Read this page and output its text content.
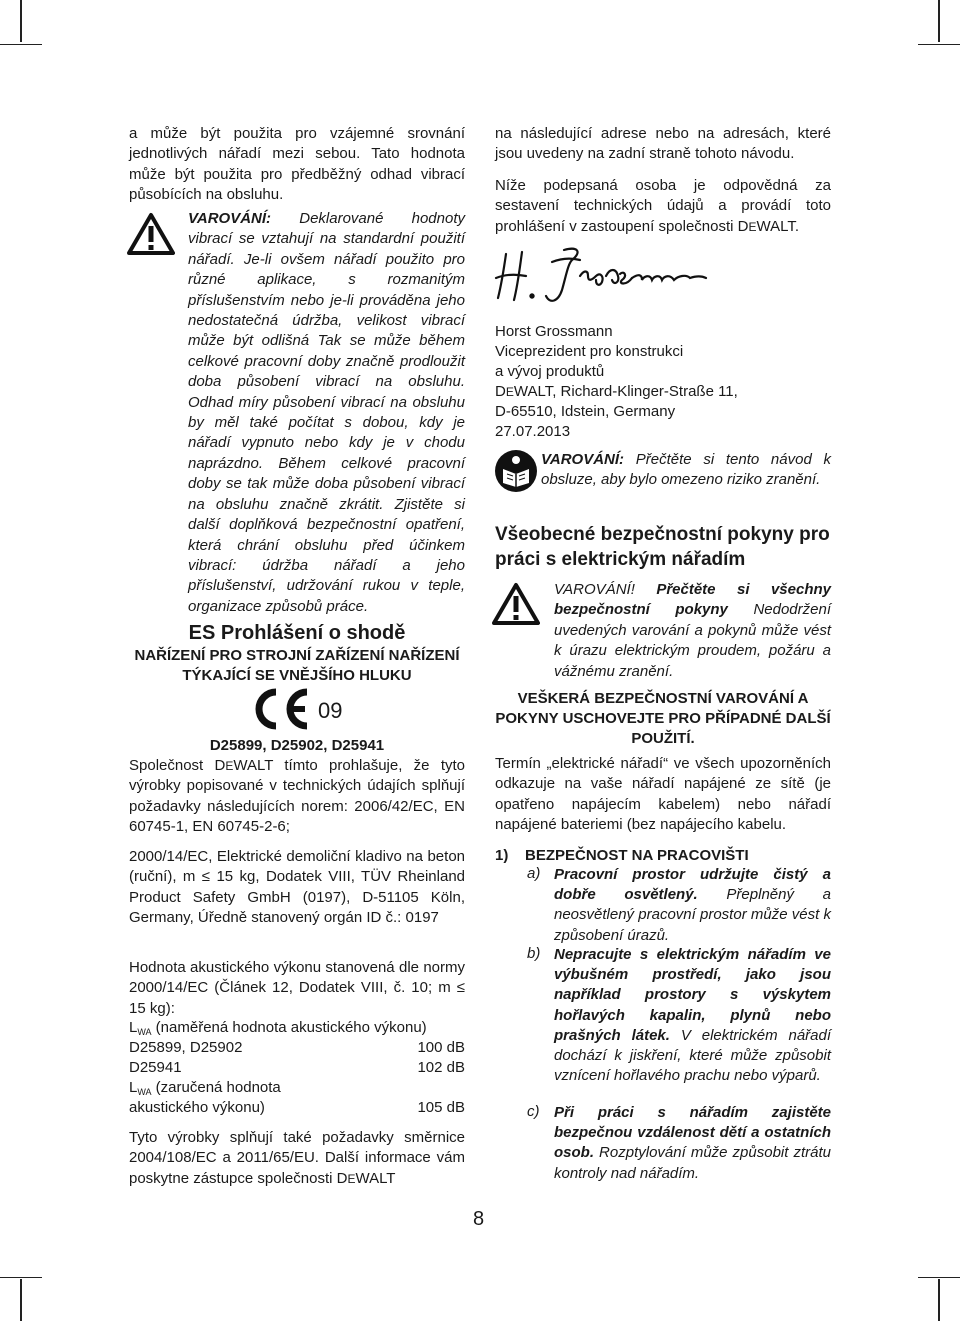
a může být použita pro vzájemné srovnání jednotlivých nářadí mezi sebou. Tato hodnota může být použita pro předběžný odhad vibrací působících na obsluhu.

VAROVÁNÍ: Deklarované hodnoty vibrací se vztahují na standardní použití nářadí. Je-li ovšem nářadí použito pro různé aplikace, s rozmanitým příslušenstvím nebo je-li prováděna jeho nedostatečná údržba, velikost vibrací může být odlišná Tak se může během celkové pracovní doby značně prodloužit doba působení vibrací na obsluhu. Odhad míry působení vibrací na obsluhu by měl také počítat s dobou, kdy je nářadí vypnuto nebo kdy je v chodu naprázdno. Během celkové pracovní doby se tak může doba působení vibrací na obsluhu značně zkrátit. Zjistěte si další doplňková bezpečnostní opatření, která chrání obsluhu před účinkem vibrací: údržba nářadí a jeho příslušenství, udržování rukou v teple, organizace způsobů práce.

ES Prohlášení o shodě
NAŘÍZENÍ PRO STROJNÍ ZAŘÍZENÍ NAŘÍZENÍ TÝKAJÍCÍ SE VNĚJŠÍHO HLUKU
09
D25899, D25902, D25941

Společnost DEWALT tímto prohlašuje, že tyto výrobky popisované v technických údajích splňují požadavky následujících norem: 2006/42/EC, EN 60745-1, EN 60745-2-6;

2000/14/EC, Elektrické demoliční kladivo na beton (ruční), m ≤ 15 kg, Dodatek VIII, TÜV Rheinland Product Safety GmbH (0197), D-51105 Köln, Germany, Úředně stanovený orgán ID č.: 0197

Hodnota akustického výkonu stanovená dle normy 2000/14/EC (Článek 12, Dodatek VIII, č. 10; m ≤ 15 kg):

$L_{WA}$ (naměřená hodnota akustického výkonu)
D25899, D25902	100 dB
D25941	102 dB
$L_{WA}$ (zaručená hodnota
akustického výkonu)	105 dB

Tyto výrobky splňují také požadavky směrnice 2004/108/EC a 2011/65/EU. Další informace vám poskytne zástupce společnosti DEWALT

na následující adrese nebo na adresách, které jsou uvedeny na zadní straně tohoto návodu.

Níže podepsaná osoba je odpovědná za sestavení technických údajů a provádí toto prohlášení v zastoupení společnosti DEWALT.

Horst Grossmann
Viceprezident pro konstrukci
a vývoj produktů
DEWALT, Richard-Klinger-Straße 11,
D-65510, Idstein, Germany
27.07.2013

VAROVÁNÍ: Přečtěte si tento návod k obsluze, aby bylo omezeno riziko zranění.

Všeobecné bezpečnostní pokyny pro práci s elektrickým nářadím

VAROVÁNÍ! Přečtěte si všechny bezpečnostní pokyny Nedodržení uvedených varování a pokynů může vést k úrazu elektrickým proudem, požáru a vážnému zranění.

VEŠKERÁ BEZPEČNOSTNÍ VAROVÁNÍ A POKYNY USCHOVEJTE PRO PŘÍPADNÉ DALŠÍ POUŽITÍ.

Termín „elektrické nářadí“ ve všech upozorněních odkazuje na vaše nářadí napájené ze sítě (je opatřeno napájecím kabelem) nebo nářadí napájené bateriemi (bez napájecího kabelu.

1) BEZPEČNOST NA PRACOVIŠTI
a) Pracovní prostor udržujte čistý a dobře osvětlený. Přeplněný a neosvětlený pracovní prostor může vést k způsobení úrazů.

b) Nepracujte s elektrickým nářadím ve výbušném prostředí, jako jsou například prostory s výskytem hořlavých kapalin, plynů nebo prašných látek. V elektrickém nářadí dochází k jiskření, které může způsobit vznícení hořlavého prachu nebo výparů.

c) Při práci s nářadím zajistěte bezpečnou vzdálenost dětí a ostatních osob. Rozptylování může způsobit ztrátu kontroly nad nářadím.

8
